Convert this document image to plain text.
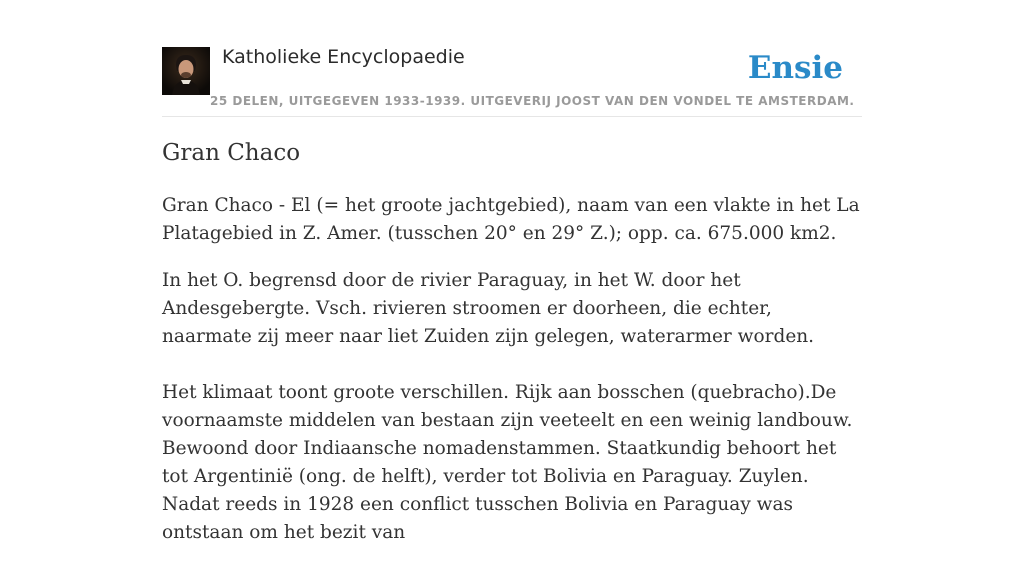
Katholieke Encyclopaedie	Ensie
25 DELEN, UITGEGEVEN 1933-1939. UITGEVERIJ JOOST VAN DEN VONDEL TE AMSTERDAM.
Gran Chaco

Gran Chaco - El (= het groote jachtgebied), naam van een vlakte in het La Platagebied in Z. Amer. (tusschen 20° en 29° Z.); opp. ca. 675.000 km2.

In het O. begrensd door de rivier Paraguay, in het W. door het Andesgebergte. Vsch. rivieren stroomen er doorheen, die echter, naarmate zij meer naar liet Zuiden zijn gelegen, waterarmer worden.

Het klimaat toont groote verschillen. Rijk aan bosschen (quebracho).De voornaamste middelen van bestaan zijn veeteelt en een weinig landbouw. Bewoond door Indiaansche nomadenstammen. Staatkundig behoort het tot Argentinië (ong. de helft), verder tot Bolivia en Paraguay. Zuylen. Nadat reeds in 1928 een conflict tusschen Bolivia en Paraguay was ontstaan om het bezit van
